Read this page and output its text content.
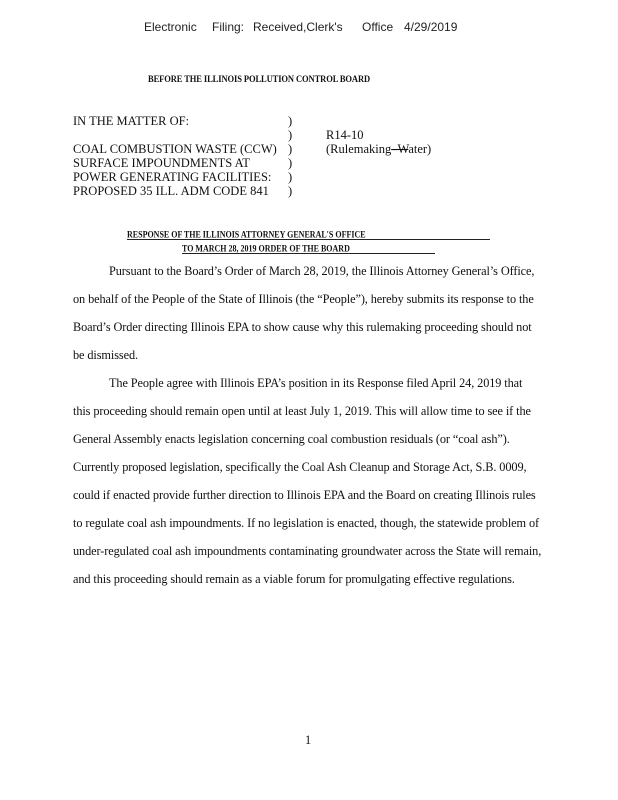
Electronic Filing: Received,Clerk's Office 4/29/2019
BEFORE THE ILLINOIS POLLUTION CONTROL BOARD
IN THE MATTER OF:
COAL COMBUSTION WASTE (CCW)
SURFACE IMPOUNDMENTS AT
POWER GENERATING FACILITIES:
PROPOSED 35 ILL. ADM CODE 841
)
)
)
)
)
)
R14-10
(Rulemaking–Water)
RESPONSE OF THE ILLINOIS ATTORNEY GENERAL'S OFFICE
TO MARCH 28, 2019 ORDER OF THE BOARD
Pursuant to the Board’s Order of March 28, 2019, the Illinois Attorney General’s Office,
on behalf of the People of the State of Illinois (the “People”), hereby submits its response to the
Board’s Order directing Illinois EPA to show cause why this rulemaking proceeding should not
be dismissed.
The People agree with Illinois EPA’s position in its Response filed April 24, 2019 that
this proceeding should remain open until at least July 1, 2019. This will allow time to see if the
General Assembly enacts legislation concerning coal combustion residuals (or “coal ash”).
Currently proposed legislation, specifically the Coal Ash Cleanup and Storage Act, S.B. 0009,
could if enacted provide further direction to Illinois EPA and the Board on creating Illinois rules
to regulate coal ash impoundments. If no legislation is enacted, though, the statewide problem of
under-regulated coal ash impoundments contaminating groundwater across the State will remain,
and this proceeding should remain as a viable forum for promulgating effective regulations.
1
